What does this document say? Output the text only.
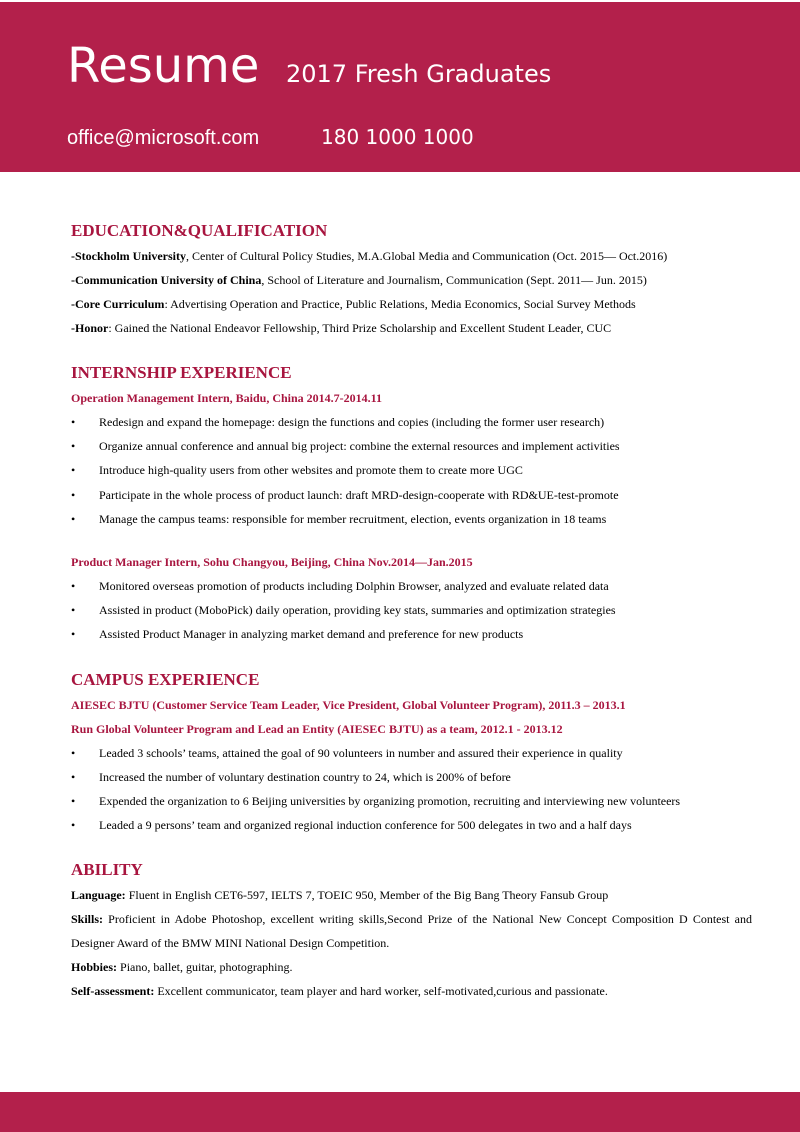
Resume 2017 Fresh Graduates
office@microsoft.com	180 1000 1000
EDUCATION&QUALIFICATION

-Stockholm University, Center of Cultural Policy Studies, M.A.Global Media and Communication (Oct. 2015— Oct.2016)

-Communication University of China, School of Literature and Journalism, Communication (Sept. 2011— Jun. 2015)

-Core Curriculum: Advertising Operation and Practice, Public Relations, Media Economics, Social Survey Methods

-Honor: Gained the National Endeavor Fellowship, Third Prize Scholarship and Excellent Student Leader, CUC

INTERNSHIP EXPERIENCE

Operation Management Intern, Baidu, China 2014.7-2014.11

• Redesign and expand the homepage: design the functions and copies (including the former user research)
• Organize annual conference and annual big project: combine the external resources and implement activities
• Introduce high-quality users from other websites and promote them to create more UGC
• Participate in the whole process of product launch: draft MRD-design-cooperate with RD&UE-test-promote
• Manage the campus teams: responsible for member recruitment, election, events organization in 18 teams

Product Manager Intern, Sohu Changyou, Beijing, China Nov.2014—Jan.2015

• Monitored overseas promotion of products including Dolphin Browser, analyzed and evaluate related data
• Assisted in product (MoboPick) daily operation, providing key stats, summaries and optimization strategies
• Assisted Product Manager in analyzing market demand and preference for new products
CAMPUS EXPERIENCE

AIESEC BJTU (Customer Service Team Leader, Vice President, Global Volunteer Program), 2011.3 – 2013.1

Run Global Volunteer Program and Lead an Entity (AIESEC BJTU) as a team, 2012.1 - 2013.12

• Leaded 3 schools’ teams, attained the goal of 90 volunteers in number and assured their experience in quality
• Increased the number of voluntary destination country to 24, which is 200% of before
• Expended the organization to 6 Beijing universities by organizing promotion, recruiting and interviewing new volunteers
• Leaded a 9 persons’ team and organized regional induction conference for 500 delegates in two and a half days
ABILITY

Language: Fluent in English CET6-597, IELTS 7, TOEIC 950, Member of the Big Bang Theory Fansub Group

Skills: Proficient in Adobe Photoshop, excellent writing skills,Second Prize of the National New Concept Composition D Contest and Designer Award of the BMW MINI National Design Competition.

Hobbies: Piano, ballet, guitar, photographing.

Self-assessment: Excellent communicator, team player and hard worker, self-motivated,curious and passionate.
